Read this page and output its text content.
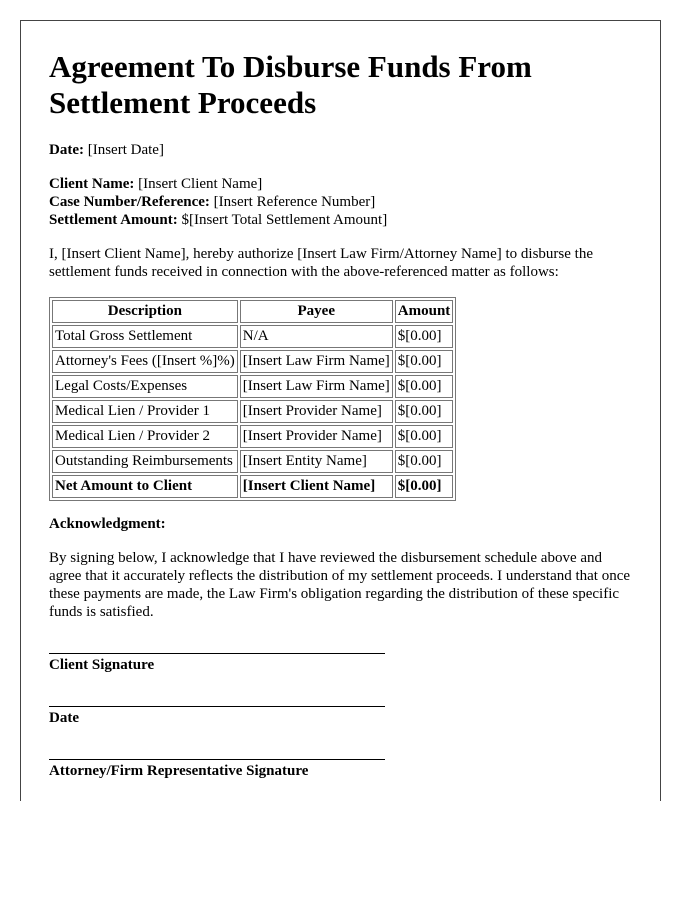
Agreement To Disburse Funds From Settlement Proceeds

Date: [Insert Date]

Client Name: [Insert Client Name]

Case Number/Reference: [Insert Reference Number]

Settlement Amount: $[Insert Total Settlement Amount]

I, [Insert Client Name], hereby authorize [Insert Law Firm/Attorney Name] to disburse the settlement funds received in connection with the above-referenced matter as follows:

Description	Payee	Amount
Total Gross Settlement	N/A	$[0.00]
Attorney's Fees ([Insert %]%)	[Insert Law Firm Name]	$[0.00]
Legal Costs/Expenses	[Insert Law Firm Name]	$[0.00]
Medical Lien / Provider 1	[Insert Provider Name]	$[0.00]
Medical Lien / Provider 2	[Insert Provider Name]	$[0.00]
Outstanding Reimbursements	[Insert Entity Name]	$[0.00]
Net Amount to Client	[Insert Client Name]	$[0.00]

Acknowledgment:

By signing below, I acknowledge that I have reviewed the disbursement schedule above and agree that it accurately reflects the distribution of my settlement proceeds. I understand that once these payments are made, the Law Firm's obligation regarding the distribution of these specific funds is satisfied.

Client Signature
Date
Attorney/Firm Representative Signature
